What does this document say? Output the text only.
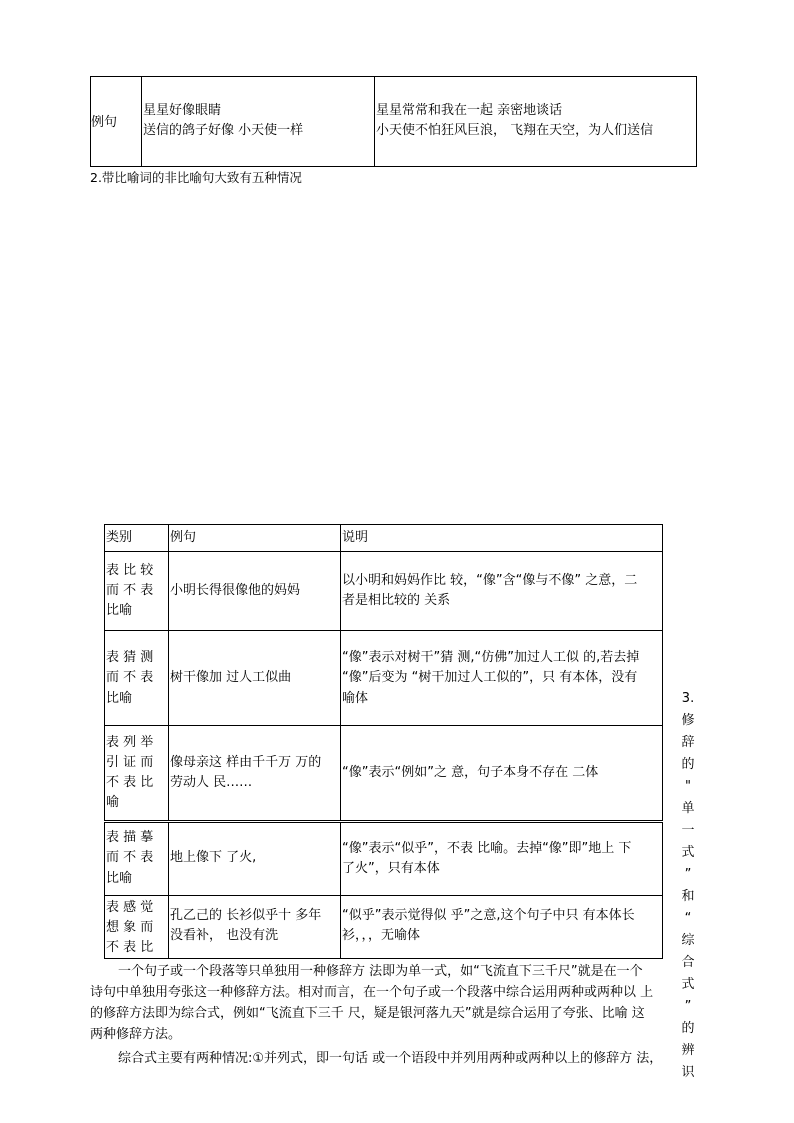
例句
星星好像眼睛
送信的鸽子好像 小天使一样
星星常常和我在一起 亲密地谈话
小天使不怕狂风巨浪， 飞翔在天空，为人们送信
2.带比喻词的非比喻句大致有五种情况
类别	例句	说明
表 比 较
而 不 表
比喻
小明长得很像他的妈妈
以小明和妈妈作比 较，“像”含“像与不像” 之意，二
者是相比较的 关系
表 猜 测
而 不 表
比喻
树干像加 过人工似曲
“像”表示对树干”猜 测,“仿佛”加过人工似 的,若去掉
“像”后变为 “树干加过人工似的”，只 有本体，没有
喻体
表 列 举
引 证 而
不 表 比
喻
像母亲这 样由千千万 万的
劳动人 民……
“像”表示“例如”之 意，句子本身不存在 二体
表 描 摹
而 不 表
比喻
地上像下 了火,
“像”表示“似乎”，不表 比喻。去掉“像”即”地上 下
了火”，只有本体
表 感 觉
想 象 而
不 表 比
孔乙己的 长衫似乎十 多年
没看补， 也没有洗
“似乎”表示觉得似 乎”之意,这个句子中只 有本体长
衫，，，无喻体
3.
修
辞
的
"
单
一
式
”
和
“
综
合
式
”
的
辨
识
一个句子或一个段落等只单独用一种修辞方 法即为单一式，如“飞流直下三千尺”就是在一个
诗句中单独用夸张这一种修辞方法。相对而言，在一个句子或一个段落中综合运用两种或两种以 上
的修辞方法即为综合式，例如“飞流直下三千 尺，疑是银河落九天”就是综合运用了夸张、比喻 这
两种修辞方法。
综合式主要有两种情况:①并列式，即一句话 或一个语段中并列用两种或两种以上的修辞方 法，
